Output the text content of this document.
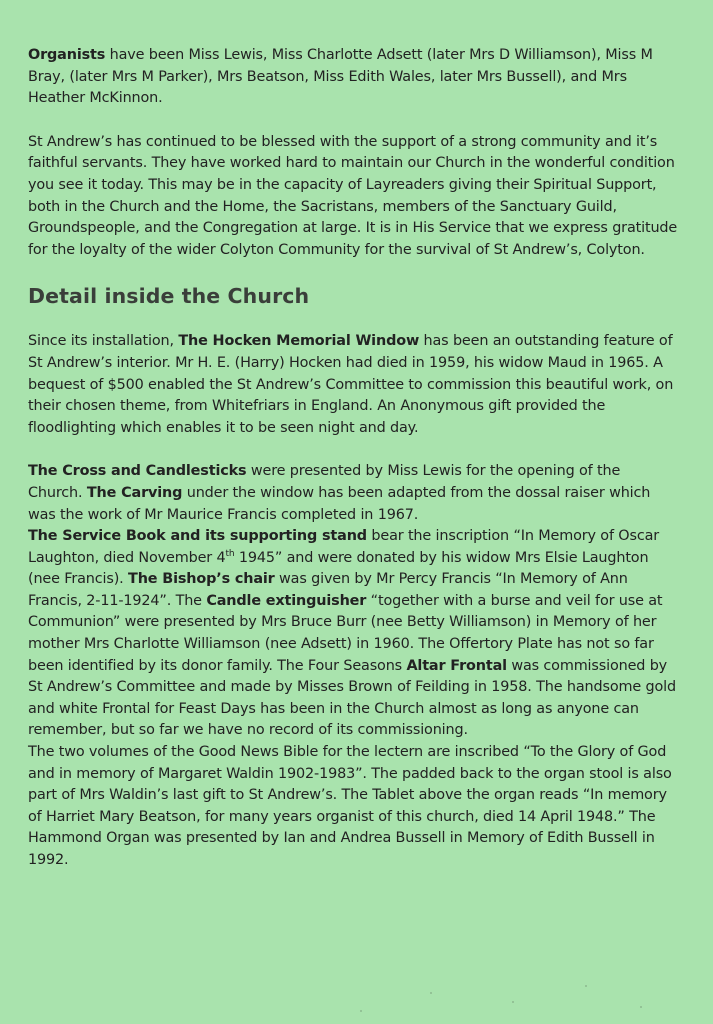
Organists have been Miss Lewis, Miss Charlotte Adsett (later Mrs D Williamson), Miss M Bray, (later Mrs M Parker), Mrs Beatson, Miss Edith Wales, later Mrs Bussell), and Mrs Heather McKinnon.

St Andrew’s has continued to be blessed with the support of a strong community and it’s faithful servants. They have worked hard to maintain our Church in the wonderful condition you see it today. This may be in the capacity of Layreaders giving their Spiritual Support, both in the Church and the Home, the Sacristans, members of the Sanctuary Guild, Groundspeople, and the Congregation at large. It is in His Service that we express gratitude for the loyalty of the wider Colyton Community for the survival of St Andrew’s, Colyton.

Detail inside the Church

Since its installation, The Hocken Memorial Window has been an outstanding feature of St Andrew’s interior. Mr H. E. (Harry) Hocken had died in 1959, his widow Maud in 1965. A bequest of $500 enabled the St Andrew’s Committee to commission this beautiful work, on their chosen theme, from Whitefriars in England. An Anonymous gift provided the floodlighting which enables it to be seen night and day.

The Cross and Candlesticks were presented by Miss Lewis for the opening of the Church. The Carving under the window has been adapted from the dossal raiser which was the work of Mr Maurice Francis completed in 1967.

The Service Book and its supporting stand bear the inscription “In Memory of Oscar Laughton, died November 4th 1945” and were donated by his widow Mrs Elsie Laughton (nee Francis). The Bishop’s chair was given by Mr Percy Francis “In Memory of Ann Francis, 2-11-1924”. The Candle extinguisher “together with a burse and veil for use at Communion” were presented by Mrs Bruce Burr (nee Betty Williamson) in Memory of her mother Mrs Charlotte Williamson (nee Adsett) in 1960. The Offertory Plate has not so far been identified by its donor family. The Four Seasons Altar Frontal was commissioned by St Andrew’s Committee and made by Misses Brown of Feilding in 1958. The handsome gold and white Frontal for Feast Days has been in the Church almost as long as anyone can remember, but so far we have no record of its commissioning.

The two volumes of the Good News Bible for the lectern are inscribed “To the Glory of God and in memory of Margaret Waldin 1902-1983”. The padded back to the organ stool is also part of Mrs Waldin’s last gift to St Andrew’s. The Tablet above the organ reads “In memory of Harriet Mary Beatson, for many years organist of this church, died 14 April 1948.” The Hammond Organ was presented by Ian and Andrea Bussell in Memory of Edith Bussell in 1992.
